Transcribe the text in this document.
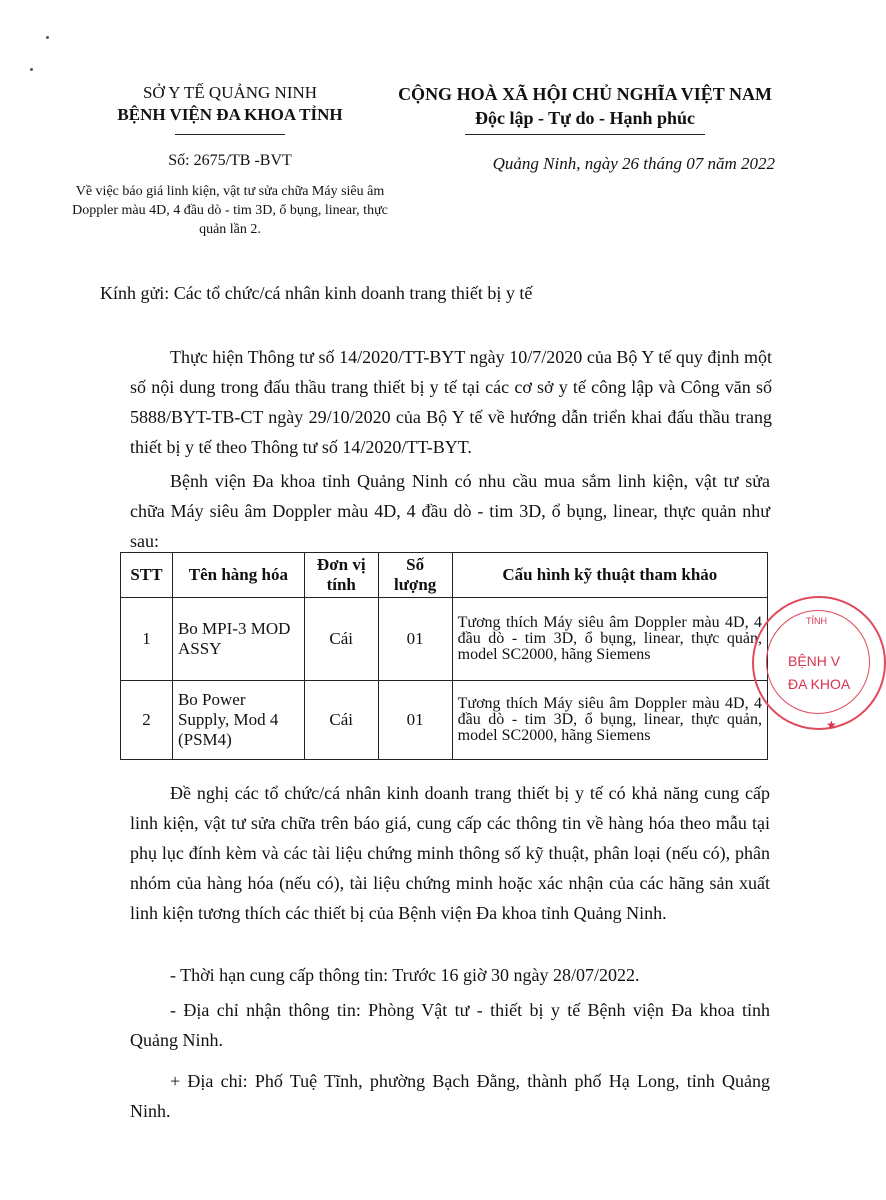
SỞ Y TẾ QUẢNG NINH
BỆNH VIỆN ĐA KHOA TỈNH
CỘNG HOÀ XÃ HỘI CHỦ NGHĨA VIỆT NAM
Độc lập - Tự do - Hạnh phúc
Số: 2675/TB -BVT	Quảng Ninh, ngày 26 tháng 07 năm 2022
Về việc báo giá linh kiện, vật tư sửa chữa Máy siêu âm Doppler màu 4D, 4 đầu dò - tim 3D, ổ bụng, linear, thực quản lần 2.
Kính gửi: Các tổ chức/cá nhân kinh doanh trang thiết bị y tế
Thực hiện Thông tư số 14/2020/TT-BYT ngày 10/7/2020 của Bộ Y tế quy định một số nội dung trong đấu thầu trang thiết bị y tế tại các cơ sở y tế công lập và Công văn số 5888/BYT-TB-CT ngày 29/10/2020 của Bộ Y tế về hướng dẫn triển khai đấu thầu trang thiết bị y tế theo Thông tư số 14/2020/TT-BYT.
Bệnh viện Đa khoa tỉnh Quảng Ninh có nhu cầu mua sắm linh kiện, vật tư sửa chữa Máy siêu âm Doppler màu 4D, 4 đầu dò - tim 3D, ổ bụng, linear, thực quản như sau:
STT	Tên hàng hóa	Đơn vị tính	Số lượng	Cấu hình kỹ thuật tham khảo
1	Bo MPI-3 MOD ASSY	Cái	01	Tương thích Máy siêu âm Doppler màu 4D, 4 đầu dò - tim 3D, ổ bụng, linear, thực quản, model SC2000, hãng Siemens
2	Bo Power Supply, Mod 4 (PSM4)	Cái	01	Tương thích Máy siêu âm Doppler màu 4D, 4 đầu dò - tim 3D, ổ bụng, linear, thực quản, model SC2000, hãng Siemens
TỈNH
BỆNH V
ĐA KHOA
★
Đề nghị các tổ chức/cá nhân kinh doanh trang thiết bị y tế có khả năng cung cấp linh kiện, vật tư sửa chữa trên báo giá, cung cấp các thông tin về hàng hóa theo mẫu tại phụ lục đính kèm và các tài liệu chứng minh thông số kỹ thuật, phân loại (nếu có), phân nhóm của hàng hóa (nếu có), tài liệu chứng minh hoặc xác nhận của các hãng sản xuất linh kiện tương thích các thiết bị của Bệnh viện Đa khoa tỉnh Quảng Ninh.
- Thời hạn cung cấp thông tin: Trước 16 giờ 30 ngày 28/07/2022.
- Địa chỉ nhận thông tin: Phòng Vật tư - thiết bị y tế Bệnh viện Đa khoa tỉnh Quảng Ninh.
+ Địa chỉ: Phố Tuệ Tĩnh, phường Bạch Đằng, thành phố Hạ Long, tỉnh Quảng Ninh.
